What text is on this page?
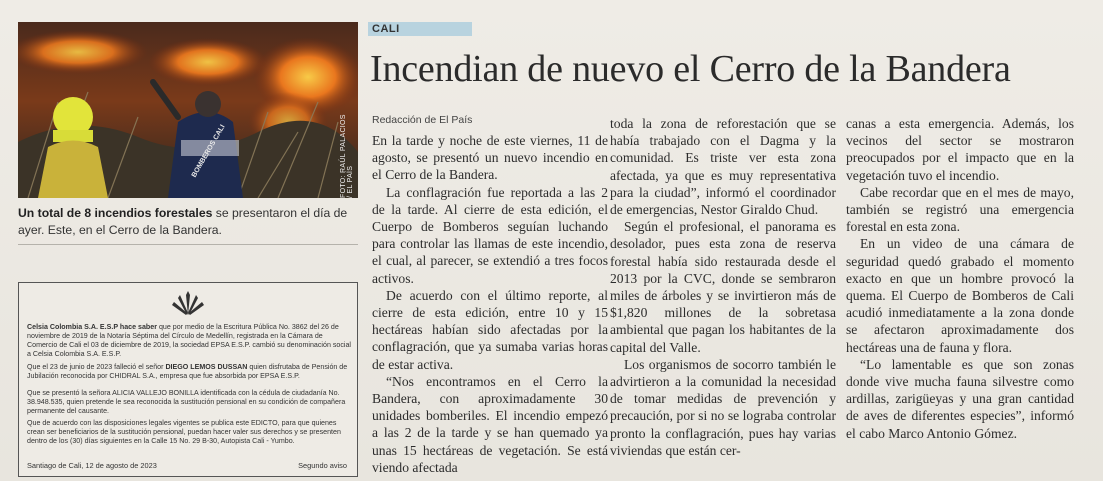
BOMBEROS CALI	FOTO: RAÚL PALACIOS / EL PAÍS
Un total de 8 incendios forestales se presentaron el día de ayer. Este, en el Cerro de la Bandera.

Celsia Colombia S.A. E.S.P hace saber que por medio de la Escritura Pública No. 3862 del 26 de noviembre de 2019 de la Notaría Séptima del Círculo de Medellín, registrada en la Cámara de Comercio de Cali el 03 de diciembre de 2019, la sociedad EPSA E.S.P. cambió su denominación social a Celsia Colombia S.A. E.S.P.

Que el 23 de junio de 2023 falleció el señor DIEGO LEMOS DUSSAN quien disfrutaba de Pensión de Jubilación reconocida por CHIDRAL S.A., empresa que fue absorbida por EPSA E.S.P.

Que se presentó la señora ALICIA VALLEJO BONILLA identificada con la cédula de ciudadanía No. 38.948.535, quien pretende le sea reconocida la sustitución pensional en su condición de compañera permanente del causante.

Que de acuerdo con las disposiciones legales vigentes se publica este EDICTO, para que quienes crean ser beneficiarios de la sustitución pensional, puedan hacer valer sus derechos y se presenten dentro de los (30) días siguientes en la Calle 15 No. 29 B-30, Autopista Cali - Yumbo.

Santiago de Cali, 12 de agosto de 2023	Segundo aviso
CALI
Incendian de nuevo el Cerro de la Bandera
Redacción de El País

En la tarde y noche de este viernes, 11 de agosto, se presentó un nuevo incendio en el Cerro de la Bandera.

La conflagración fue reportada a las 2 de la tarde. Al cierre de esta edición, el Cuerpo de Bomberos seguían luchando para controlar las llamas de este incendio, el cual, al parecer, se extendió a tres focos activos.

De acuerdo con el último reporte, al cierre de esta edición, entre 10 y 15 hectáreas habían sido afectadas por la conflagración, que ya sumaba varias horas de estar activa.

“Nos encontramos en el Cerro la Bandera, con aproximadamente 30 unidades bomberiles. El incendio empezó a las 2 de la tarde y se han quemado ya unas 15 hectáreas de vegetación. Se está viendo afectada

toda la zona de reforestación que se había trabajado con el Dagma y la comunidad. Es triste ver esta zona afectada, ya que es muy representativa para la ciudad”, informó el coordinador de emergencias, Nestor Giraldo Chud.

Según el profesional, el panorama es desolador, pues esta zona de reserva forestal había sido restaurada desde el 2013 por la CVC, donde se sembraron miles de árboles y se invirtieron más de $1,820 millones de la sobretasa ambiental que pagan los habitantes de la capital del Valle.

Los organismos de socorro también le advirtieron a la comunidad la necesidad de tomar medidas de prevención y precaución, por si no se lograba controlar pronto la conflagración, pues hay varias viviendas que están cer-

canas a esta emergencia. Además, los vecinos del sector se mostraron preocupados por el impacto que en la vegetación tuvo el incendio.

Cabe recordar que en el mes de mayo, también se registró una emergencia forestal en esta zona.

En un video de una cámara de seguridad quedó grabado el momento exacto en que un hombre provocó la quema. El Cuerpo de Bomberos de Cali acudió inmediatamente a la zona donde se afectaron aproximadamente dos hectáreas una de fauna y flora.

“Lo lamentable es que son zonas donde vive mucha fauna silvestre como ardillas, zarigüeyas y una gran cantidad de aves de diferentes especies”, informó el cabo Marco Antonio Gómez.
